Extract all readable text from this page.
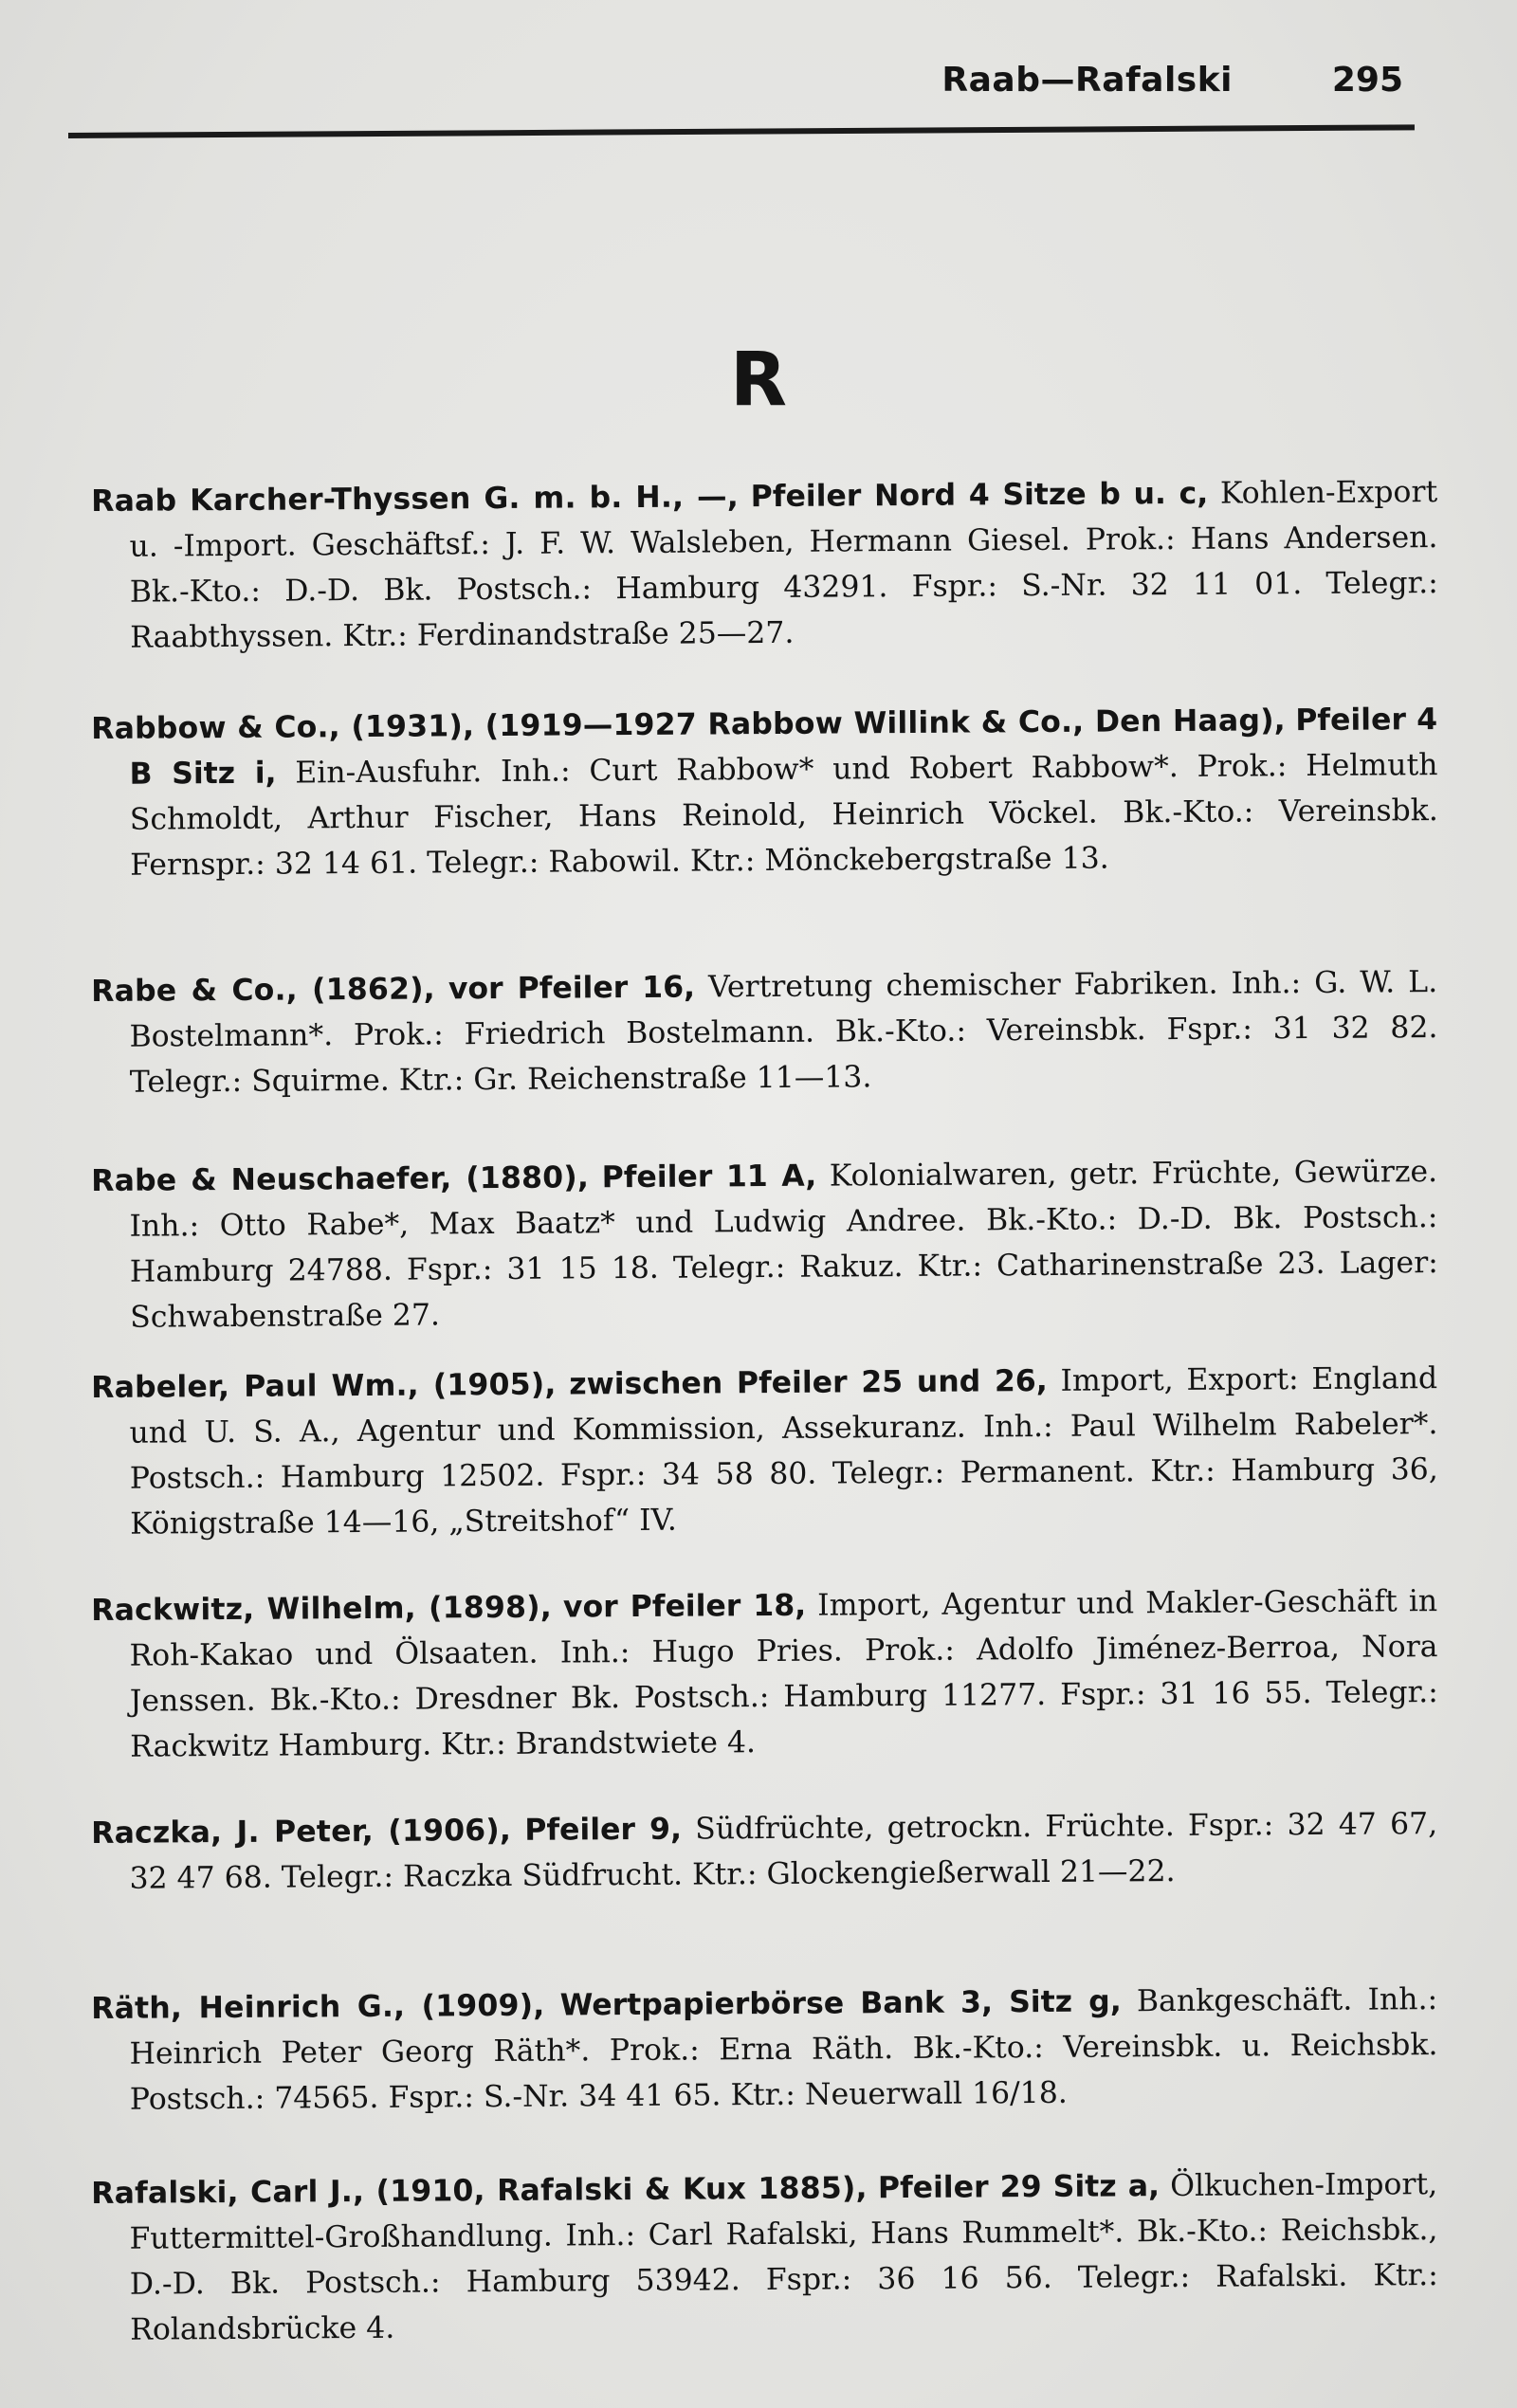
Raab—Rafalski	295
R
Raab Karcher-Thyssen G. m. b. H., —, Pfeiler Nord 4 Sitze b u. c, Kohlen-Export u. -Import. Geschäftsf.: J. F. W. Walsleben, Hermann Giesel. Prok.: Hans Andersen. Bk.-Kto.: D.-D. Bk. Postsch.: Hamburg 43291. Fspr.: S.-Nr. 32 11 01. Telegr.: Raabthyssen. Ktr.: Ferdinandstraße 25—27.
Rabbow & Co., (1931), (1919—1927 Rabbow Willink & Co., Den Haag), Pfeiler 4 B Sitz i, Ein-Ausfuhr. Inh.: Curt Rabbow* und Robert Rabbow*. Prok.: Helmuth Schmoldt, Arthur Fischer, Hans Reinold, Heinrich Vöckel. Bk.-Kto.: Vereinsbk. Fernspr.: 32 14 61. Telegr.: Rabowil. Ktr.: Mönckebergstraße 13.
Rabe & Co., (1862), vor Pfeiler 16, Vertretung chemischer Fabriken. Inh.: G. W. L. Bostelmann*. Prok.: Friedrich Bostelmann. Bk.-Kto.: Vereinsbk. Fspr.: 31 32 82. Telegr.: Squirme. Ktr.: Gr. Reichenstraße 11—13.
Rabe & Neuschaefer, (1880), Pfeiler 11 A, Kolonialwaren, getr. Früchte, Gewürze. Inh.: Otto Rabe*, Max Baatz* und Ludwig Andree. Bk.-Kto.: D.-D. Bk. Postsch.: Hamburg 24788. Fspr.: 31 15 18. Telegr.: Rakuz. Ktr.: Catharinenstraße 23. Lager: Schwabenstraße 27.
Rabeler, Paul Wm., (1905), zwischen Pfeiler 25 und 26, Import, Export: England und U. S. A., Agentur und Kommission, Assekuranz. Inh.: Paul Wilhelm Rabeler*. Postsch.: Hamburg 12502. Fspr.: 34 58 80. Telegr.: Permanent. Ktr.: Hamburg 36, Königstraße 14—16, „Streitshof“ IV.
Rackwitz, Wilhelm, (1898), vor Pfeiler 18, Import, Agentur und Makler-Geschäft in Roh-Kakao und Ölsaaten. Inh.: Hugo Pries. Prok.: Adolfo Jiménez-Berroa, Nora Jenssen. Bk.-Kto.: Dresdner Bk. Postsch.: Hamburg 11277. Fspr.: 31 16 55. Telegr.: Rackwitz Hamburg. Ktr.: Brandstwiete 4.
Raczka, J. Peter, (1906), Pfeiler 9, Südfrüchte, getrockn. Früchte. Fspr.: 32 47 67, 32 47 68. Telegr.: Raczka Südfrucht. Ktr.: Glockengießerwall 21—22.
Räth, Heinrich G., (1909), Wertpapierbörse Bank 3, Sitz g, Bankgeschäft. Inh.: Heinrich Peter Georg Räth*. Prok.: Erna Räth. Bk.-Kto.: Vereinsbk. u. Reichsbk. Postsch.: 74565. Fspr.: S.-Nr. 34 41 65. Ktr.: Neuerwall 16/18.
Rafalski, Carl J., (1910, Rafalski & Kux 1885), Pfeiler 29 Sitz a, Ölkuchen-Import, Futtermittel-Großhandlung. Inh.: Carl Rafalski, Hans Rummelt*. Bk.-Kto.: Reichsbk., D.-D. Bk. Postsch.: Hamburg 53942. Fspr.: 36 16 56. Telegr.: Rafalski. Ktr.: Rolandsbrücke 4.
